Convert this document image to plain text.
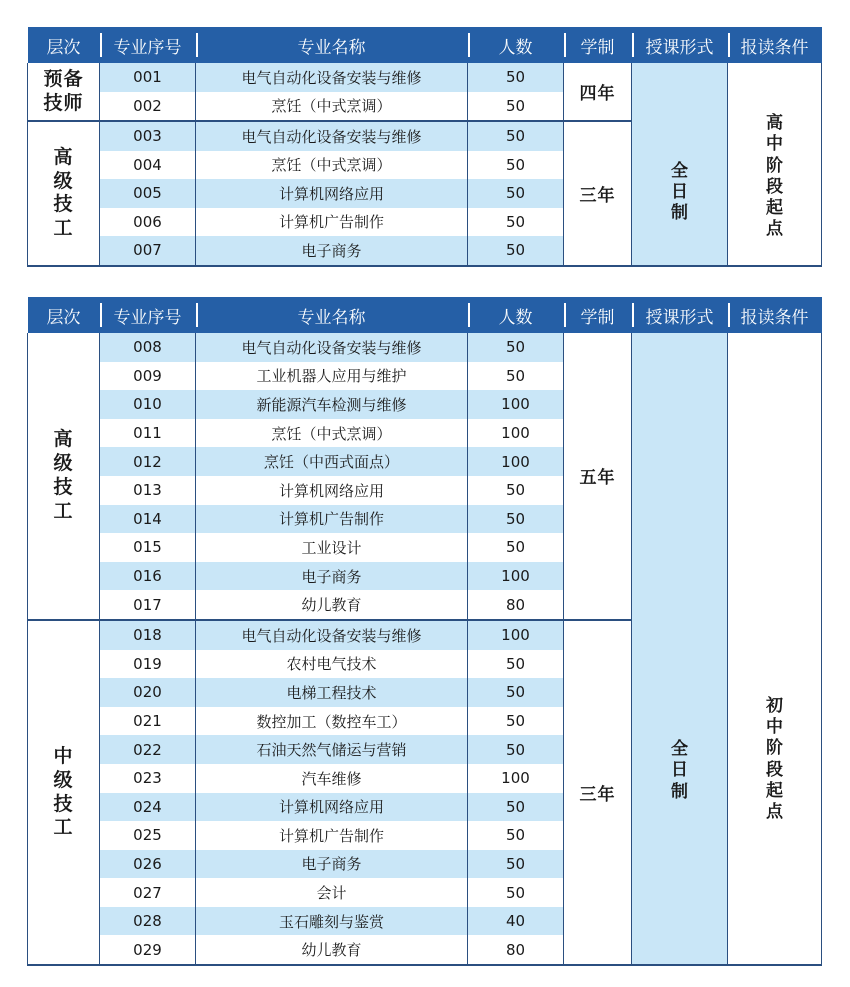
层次	专业序号	专业名称	人数	学制	授课形式	报读条件
预备技师	001	电气自动化设备安装与维修	50	四年	全日制	高中阶段起点
	002	烹饪（中式烹调）	50			
高级技工	003	电气自动化设备安装与维修	50	三年		
	004	烹饪（中式烹调）	50			
	005	计算机网络应用	50			
	006	计算机广告制作	50			
	007	电子商务	50			
层次	专业序号	专业名称	人数	学制	授课形式	报读条件
高级技工	008	电气自动化设备安装与维修	50	五年	全日制	初中阶段起点
	009	工业机器人应用与维护	50			
	010	新能源汽车检测与维修	100			
	011	烹饪（中式烹调）	100			
	012	烹饪（中西式面点）	100			
	013	计算机网络应用	50			
	014	计算机广告制作	50			
	015	工业设计	50			
	016	电子商务	100			
	017	幼儿教育	80			
中级技工	018	电气自动化设备安装与维修	100	三年		
	019	农村电气技术	50			
	020	电梯工程技术	50			
	021	数控加工（数控车工）	50			
	022	石油天然气储运与营销	50			
	023	汽车维修	100			
	024	计算机网络应用	50			
	025	计算机广告制作	50			
	026	电子商务	50			
	027	会计	50			
	028	玉石雕刻与鉴赏	40			
	029	幼儿教育	80			
